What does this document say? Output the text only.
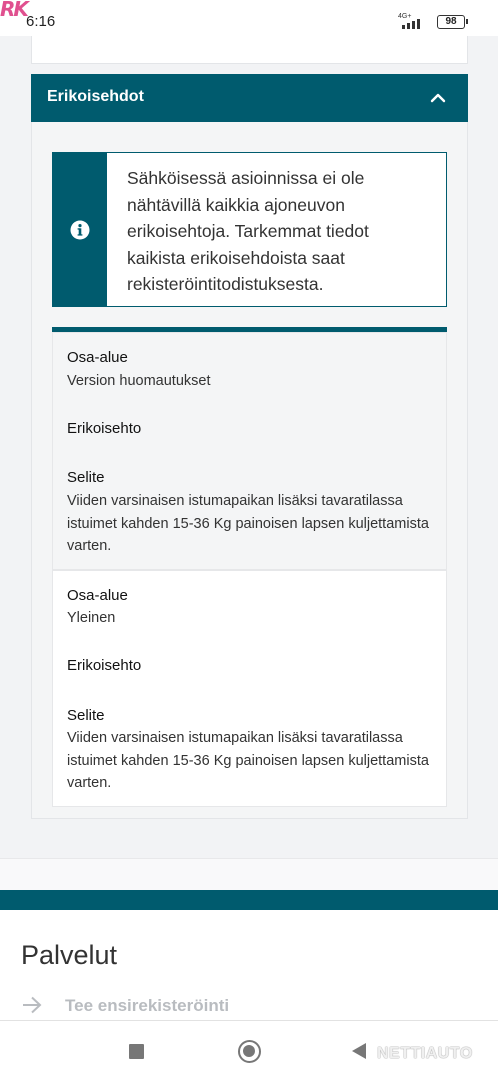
RK
6:16	4G+	98
Erikoisehdot
Sähköisessä asioinnissa ei ole nähtävillä kaikkia ajoneuvon erikoisehtoja. Tarkemmat tiedot kaikista erikoisehdoista saat rekisteröintitodistuksesta.
Osa-alue
Version huomautukset
Erikoisehto
Selite
Viiden varsinaisen istumapaikan lisäksi tavaratilassa istuimet kahden 15-36 Kg painoisen lapsen kuljettamista varten.
Osa-alue
Yleinen
Erikoisehto
Selite
Viiden varsinaisen istumapaikan lisäksi tavaratilassa istuimet kahden 15-36 Kg painoisen lapsen kuljettamista varten.
Palvelut
Tee ensirekisteröinti
NETTIAUTO
